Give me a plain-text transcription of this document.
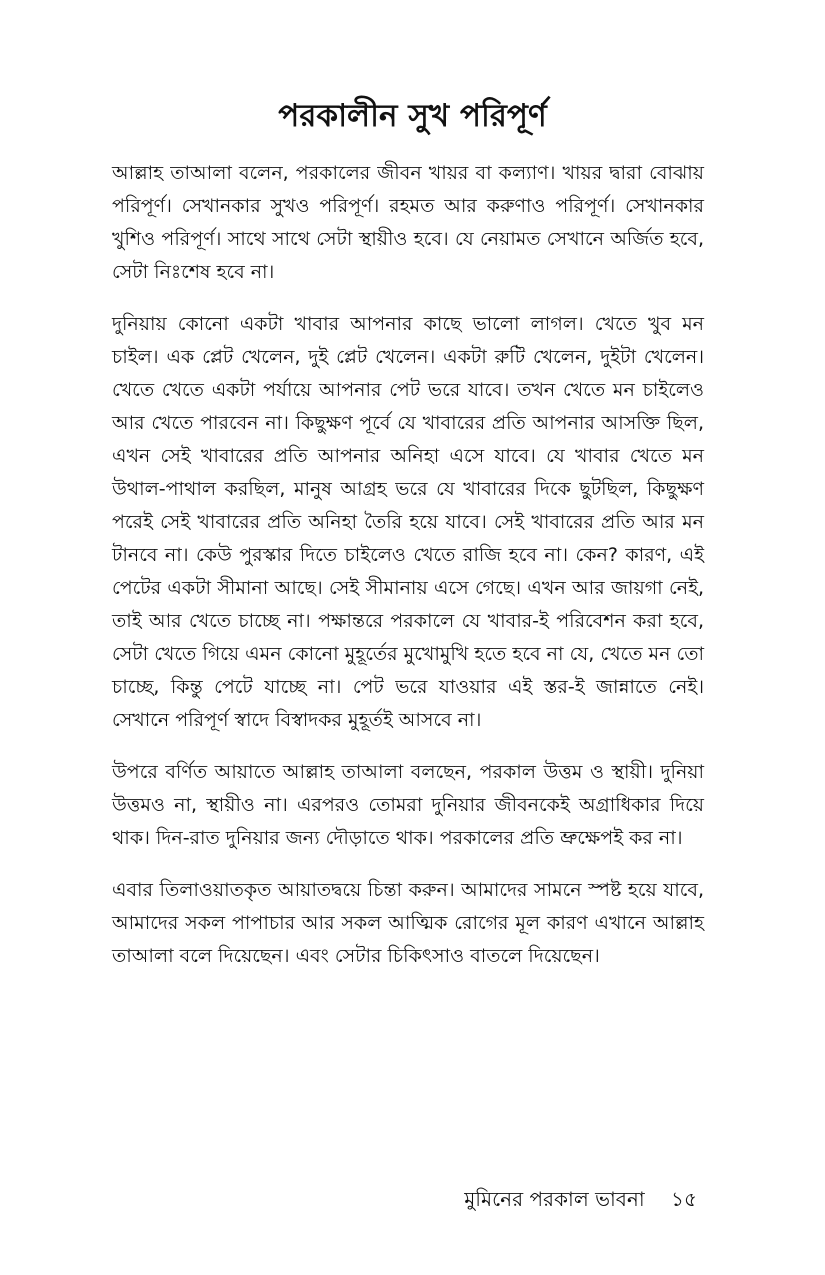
পরকালীন সুখ পরিপূর্ণ

আল্লাহ তাআলা বলেন, পরকালের জীবন খায়র বা কল্যাণ। খায়র দ্বারা বোঝায় পরিপূর্ণ। সেখানকার সুখও পরিপূর্ণ। রহমত আর করুণাও পরিপূর্ণ। সেখানকার খুশিও পরিপূর্ণ। সাথে সাথে সেটা স্থায়ীও হবে। যে নেয়ামত সেখানে অর্জিত হবে, সেটা নিঃশেষ হবে না।

দুনিয়ায় কোনো একটা খাবার আপনার কাছে ভালো লাগল। খেতে খুব মন চাইল। এক প্লেট খেলেন, দুই প্লেট খেলেন। একটা রুটি খেলেন, দুইটা খেলেন। খেতে খেতে একটা পর্যায়ে আপনার পেট ভরে যাবে। তখন খেতে মন চাইলেও আর খেতে পারবেন না। কিছুক্ষণ পূর্বে যে খাবারের প্রতি আপনার আসক্তি ছিল, এখন সেই খাবারের প্রতি আপনার অনিহা এসে যাবে। যে খাবার খেতে মন উথাল-পাথাল করছিল, মানুষ আগ্রহ ভরে যে খাবারের দিকে ছুটছিল, কিছুক্ষণ পরেই সেই খাবারের প্রতি অনিহা তৈরি হয়ে যাবে। সেই খাবারের প্রতি আর মন টানবে না। কেউ পুরস্কার দিতে চাইলেও খেতে রাজি হবে না। কেন? কারণ, এই পেটের একটা সীমানা আছে। সেই সীমানায় এসে গেছে। এখন আর জায়গা নেই, তাই আর খেতে চাচ্ছে না। পক্ষান্তরে পরকালে যে খাবার-ই পরিবেশন করা হবে, সেটা খেতে গিয়ে এমন কোনো মুহূর্তের মুখোমুখি হতে হবে না যে, খেতে মন তো চাচ্ছে, কিন্তু পেটে যাচ্ছে না। পেট ভরে যাওয়ার এই স্তর-ই জান্নাতে নেই। সেখানে পরিপূর্ণ স্বাদে বিস্বাদকর মুহূর্তই আসবে না।

উপরে বর্ণিত আয়াতে আল্লাহ তাআলা বলছেন, পরকাল উত্তম ও স্থায়ী। দুনিয়া উত্তমও না, স্থায়ীও না। এরপরও তোমরা দুনিয়ার জীবনকেই অগ্রাধিকার দিয়ে থাক। দিন-রাত দুনিয়ার জন্য দৌড়াতে থাক। পরকালের প্রতি ভ্রুক্ষেপই কর না।

এবার তিলাওয়াতকৃত আয়াতদ্বয়ে চিন্তা করুন। আমাদের সামনে স্পষ্ট হয়ে যাবে, আমাদের সকল পাপাচার আর সকল আত্মিক রোগের মূল কারণ এখানে আল্লাহ তাআলা বলে দিয়েছেন। এবং সেটার চিকিৎসাও বাতলে দিয়েছেন।

মুমিনের পরকাল ভাবনা ১৫
